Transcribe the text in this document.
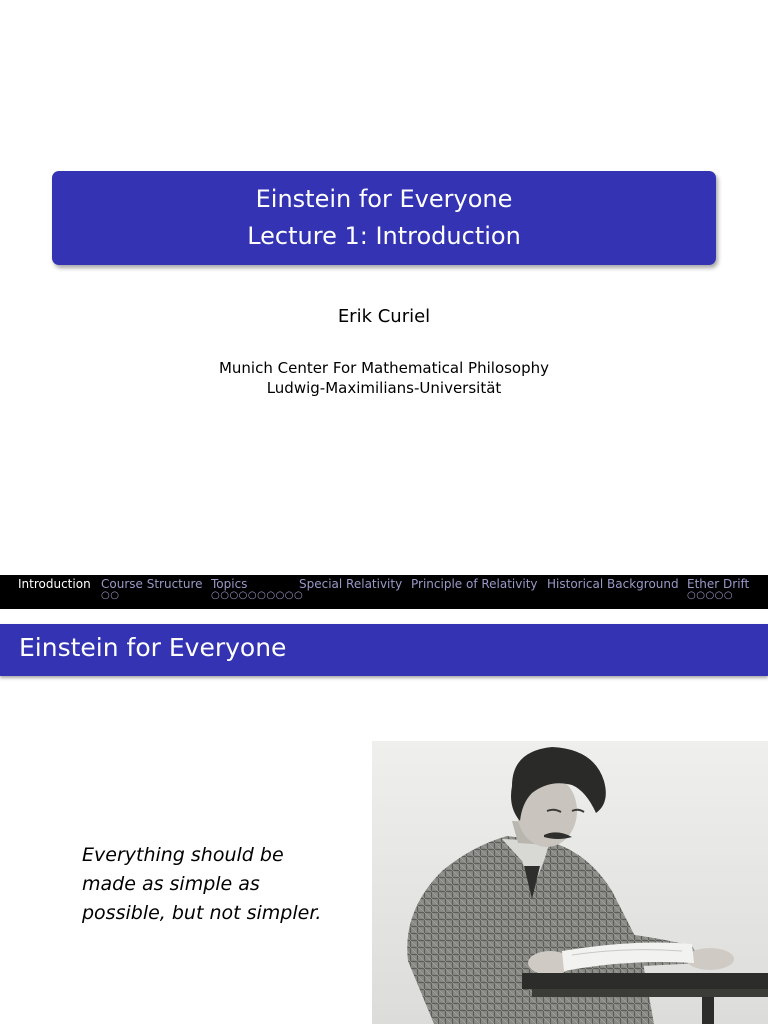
Einstein for Everyone
Lecture 1: Introduction
Erik Curiel
Munich Center For Mathematical Philosophy
Ludwig-Maximilians-Universität
Introduction Course Structure
○○
Topics
○○○○○○○○○○
Special Relativity Principle of Relativity Historical Background Ether Drift
○○○○○
Einstein for Everyone
Everything should be made as simple as possible, but not simpler.
